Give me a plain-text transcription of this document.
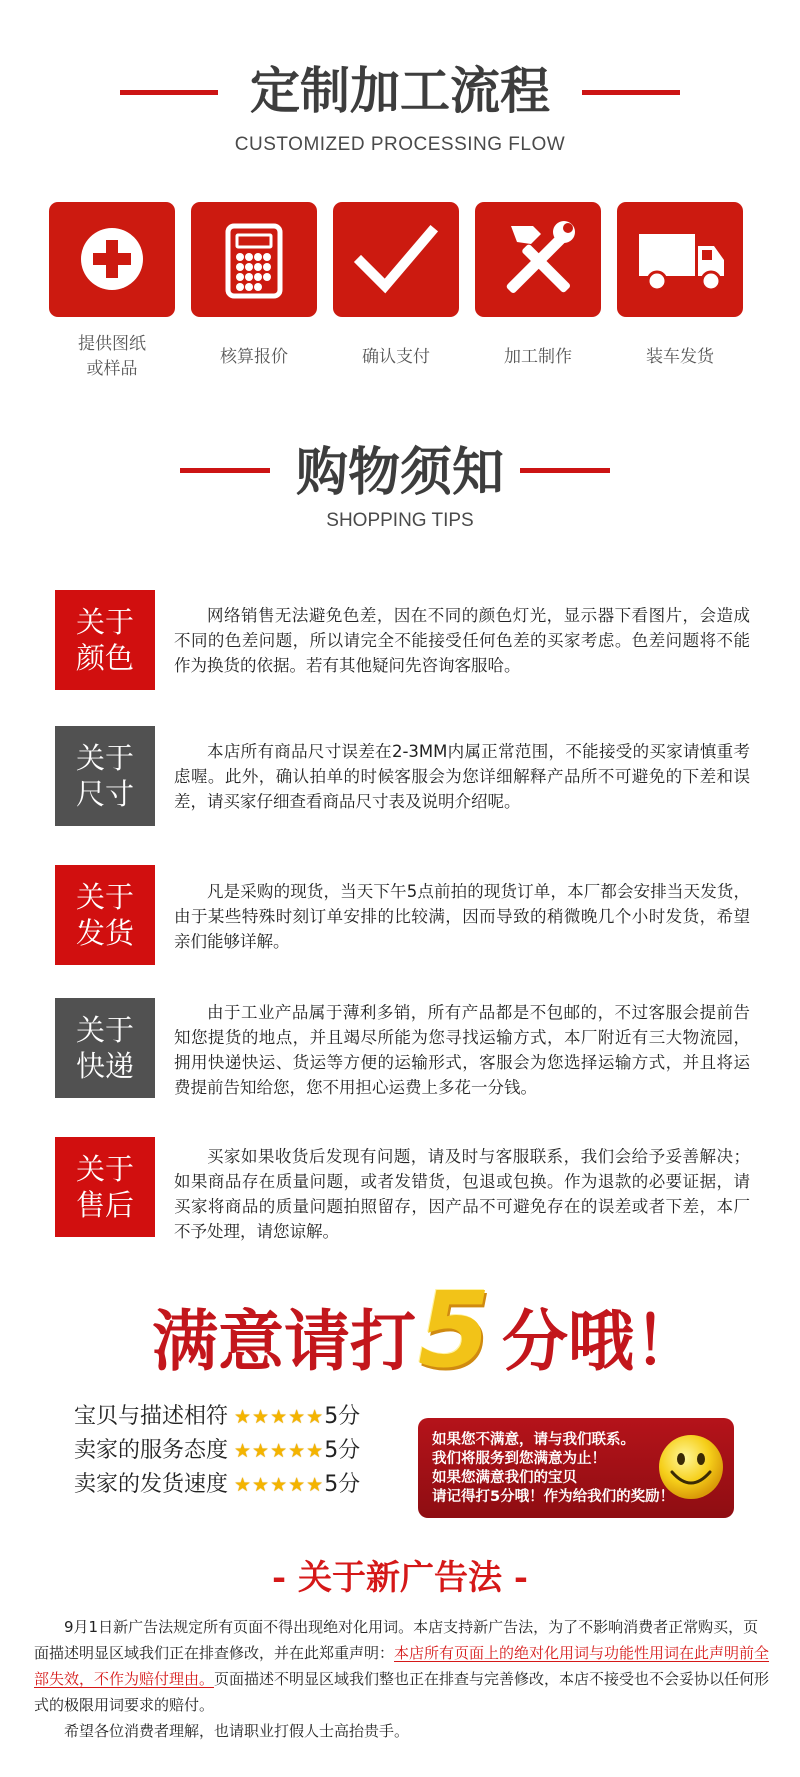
定制加工流程
CUSTOMIZED PROCESSING FLOW
提供图纸
或样品
核算报价	确认支付	加工制作	装车发货
购物须知
SHOPPING TIPS
关于
颜色
网络销售无法避免色差，因在不同的颜色灯光，显示器下看图片，会造成不同的色差问题，所以请完全不能接受任何色差的买家考虑。色差问题将不能作为换货的依据。若有其他疑问先咨询客服哈。
关于
尺寸
本店所有商品尺寸误差在2-3MM内属正常范围，不能接受的买家请慎重考虑喔。此外，确认拍单的时候客服会为您详细解释产品所不可避免的下差和误差，请买家仔细查看商品尺寸表及说明介绍呢。
关于
发货
凡是采购的现货，当天下午5点前拍的现货订单，本厂都会安排当天发货，由于某些特殊时刻订单安排的比较满，因而导致的稍微晚几个小时发货，希望亲们能够详解。
关于
快递
由于工业产品属于薄利多销，所有产品都是不包邮的，不过客服会提前告知您提货的地点，并且竭尽所能为您寻找运输方式，本厂附近有三大物流园，拥用快递快运、货运等方便的运输形式，客服会为您选择运输方式，并且将运费提前告知给您，您不用担心运费上多花一分钱。
关于
售后
买家如果收货后发现有问题，请及时与客服联系，我们会给予妥善解决；如果商品存在质量问题，或者发错货，包退或包换。作为退款的必要证据，请买家将商品的质量问题拍照留存，因产品不可避免存在的误差或者下差，本厂不予处理，请您谅解。
满意请打 5 分哦！
宝贝与描述相符 ★★★★★5分
卖家的服务态度 ★★★★★5分
卖家的发货速度 ★★★★★5分
如果您不满意，请与我们联系。
我们将服务到您满意为止！
如果您满意我们的宝贝
请记得打5分哦！作为给我们的奖励！
- 关于新广告法 -
9月1日新广告法规定所有页面不得出现绝对化用词。本店支持新广告法，为了不影响消费者正常购买，页面描述明显区域我们正在排查修改，并在此郑重声明：本店所有页面上的绝对化用词与功能性用词在此声明前全部失效，不作为赔付理由。页面描述不明显区域我们整也正在排查与完善修改，本店不接受也不会妥协以任何形式的极限用词要求的赔付。
希望各位消费者理解，也请职业打假人士高抬贵手。
